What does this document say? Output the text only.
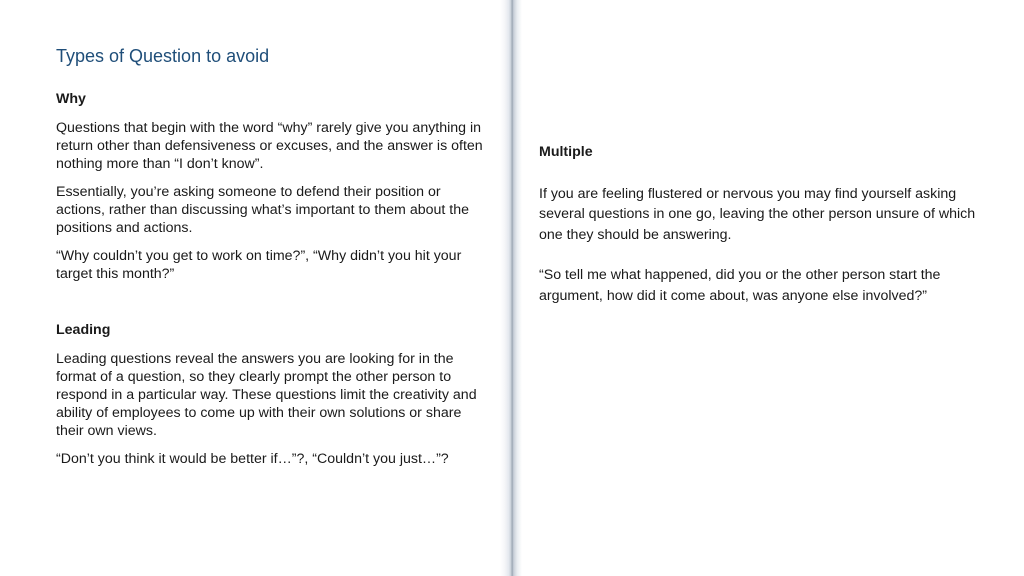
Types of Question to avoid
Why
Questions that begin with the word “why” rarely give you anything in return other than defensiveness or excuses, and the answer is often nothing more than “I don’t know”.
Essentially, you’re asking someone to defend their position or actions, rather than discussing what’s important to them about the positions and actions.
“Why couldn’t you get to work on time?”, “Why didn’t you hit your target this month?”
Leading
Leading questions reveal the answers you are looking for in the format of a question, so they clearly prompt the other person to respond in a particular way. These questions limit the creativity and ability of employees to come up with their own solutions or share their own views.
“Don’t you think it would be better if…”?, “Couldn’t you just…”?
Multiple
If you are feeling flustered or nervous you may find yourself asking several questions in one go, leaving the other person unsure of which one they should be answering.
“So tell me what happened, did you or the other person start the argument, how did it come about, was anyone else involved?”
